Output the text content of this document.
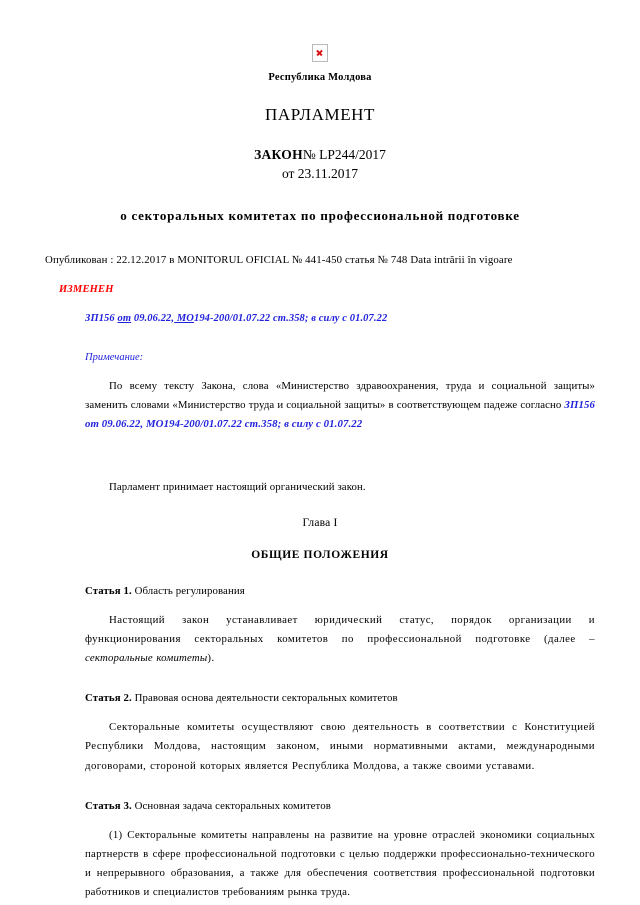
Республика Молдова
ПАРЛАМЕНТ
ЗАКОН№ LP244/2017
от 23.11.2017
о секторальных комитетах по профессиональной подготовке
Опубликован : 22.12.2017 в MONITORUL OFICIAL № 441-450 статья № 748 Data intrării în vigoare
ИЗМЕНЕН
ЗП156 от 09.06.22, МО194-200/01.07.22 ст.358; в силу с 01.07.22
Примечание:
По всему тексту Закона, слова «Министерство здравоохранения, труда и социальной защиты» заменить словами «Министерство труда и социальной защиты» в соответствующем падеже согласно ЗП156 от 09.06.22, МО194-200/01.07.22 ст.358; в силу с 01.07.22
Парламент принимает настоящий органический закон.
Глава I
ОБЩИЕ ПОЛОЖЕНИЯ
Статья 1. Область регулирования
Настоящий закон устанавливает юридический статус, порядок организации и функционирования секторальных комитетов по профессиональной подготовке (далее – секторальные комитеты).
Статья 2. Правовая основа деятельности секторальных комитетов
Секторальные комитеты осуществляют свою деятельность в соответствии с Конституцией Республики Молдова, настоящим законом, иными нормативными актами, международными договорами, стороной которых является Республика Молдова, а также своими уставами.
Статья 3. Основная задача секторальных комитетов
(1) Секторальные комитеты направлены на развитие на уровне отраслей экономики социальных партнерств в сфере профессиональной подготовки с целью поддержки профессионально-технического и непрерывного образования, а также для обеспечения соответствия профессиональной подготовки работников и специалистов требованиям рынка труда.
